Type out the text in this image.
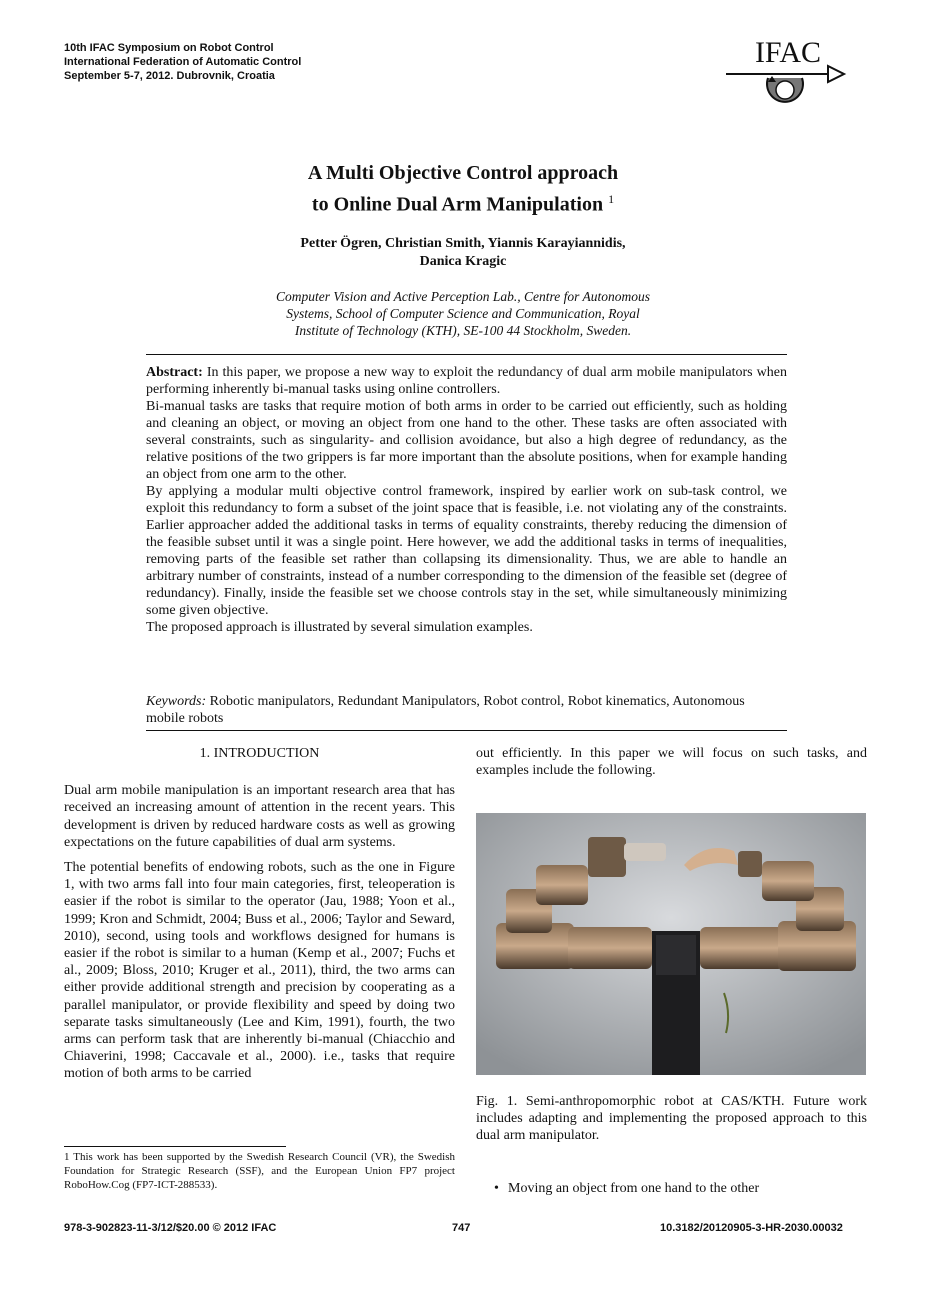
10th IFAC Symposium on Robot Control
International Federation of Automatic Control
September 5-7, 2012. Dubrovnik, Croatia
IFAC
A Multi Objective Control approach
to Online Dual Arm Manipulation $^1$
Petter Ögren, Christian Smith, Yiannis Karayiannidis,
Danica Kragic
Computer Vision and Active Perception Lab., Centre for Autonomous
Systems, School of Computer Science and Communication, Royal
Institute of Technology (KTH), SE-100 44 Stockholm, Sweden.

Abstract: In this paper, we propose a new way to exploit the redundancy of dual arm mobile manipulators when performing inherently bi-manual tasks using online controllers.

Bi-manual tasks are tasks that require motion of both arms in order to be carried out efficiently, such as holding and cleaning an object, or moving an object from one hand to the other. These tasks are often associated with several constraints, such as singularity- and collision avoidance, but also a high degree of redundancy, as the relative positions of the two grippers is far more important than the absolute positions, when for example handing an object from one arm to the other.

By applying a modular multi objective control framework, inspired by earlier work on sub-task control, we exploit this redundancy to form a subset of the joint space that is feasible, i.e. not violating any of the constraints. Earlier approacher added the additional tasks in terms of equality constraints, thereby reducing the dimension of the feasible subset until it was a single point. Here however, we add the additional tasks in terms of inequalities, removing parts of the feasible set rather than collapsing its dimensionality. Thus, we are able to handle an arbitrary number of constraints, instead of a number corresponding to the dimension of the feasible set (degree of redundancy). Finally, inside the feasible set we choose controls stay in the set, while simultaneously minimizing some given objective.

The proposed approach is illustrated by several simulation examples.

Keywords: Robotic manipulators, Redundant Manipulators, Robot control, Robot kinematics, Autonomous mobile robots
1. INTRODUCTION

Dual arm mobile manipulation is an important research area that has received an increasing amount of attention in the recent years. This development is driven by reduced hardware costs as well as growing expectations on the future capabilities of dual arm systems.

The potential benefits of endowing robots, such as the one in Figure 1, with two arms fall into four main categories, first, teleoperation is easier if the robot is similar to the operator (Jau, 1988; Yoon et al., 1999; Kron and Schmidt, 2004; Buss et al., 2006; Taylor and Seward, 2010), second, using tools and workflows designed for humans is easier if the robot is similar to a human (Kemp et al., 2007; Fuchs et al., 2009; Bloss, 2010; Kruger et al., 2011), third, the two arms can either provide additional strength and precision by cooperating as a parallel manipulator, or provide flexibility and speed by doing two separate tasks simultaneously (Lee and Kim, 1991), fourth, the two arms can perform task that are inherently bi-manual (Chiacchio and Chiaverini, 1998; Caccavale et al., 2000). i.e., tasks that require motion of both arms to be carried

1 This work has been supported by the Swedish Research Council (VR), the Swedish Foundation for Strategic Research (SSF), and the European Union FP7 project RoboHow.Cog (FP7-ICT-288533).
out efficiently. In this paper we will focus on such tasks, and examples include the following.
Fig. 1. Semi-anthropomorphic robot at CAS/KTH. Future work includes adapting and implementing the proposed approach to this dual arm manipulator.
• Moving an object from one hand to the other
978-3-902823-11-3/12/$20.00 © 2012 IFAC	747	10.3182/20120905-3-HR-2030.00032
